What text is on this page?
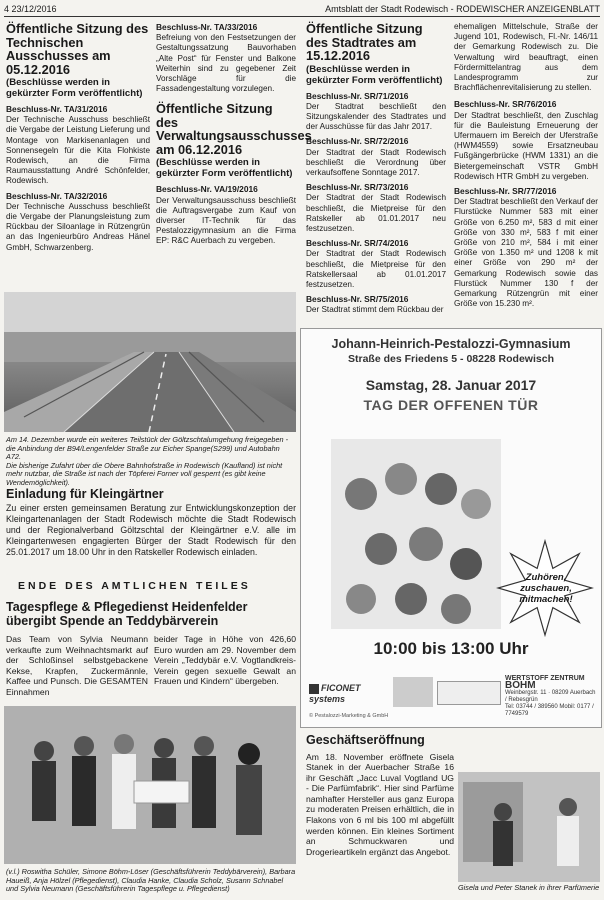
4 23/12/2016	Amtsblatt der Stadt Rodewisch - RODEWISCHER ANZEIGENBLATT
Öffentliche Sitzung des Technischen Ausschusses am 05.12.2016
(Beschlüsse werden in gekürzter Form veröffentlicht)
Beschluss-Nr. TA/31/2016

Der Technische Ausschuss beschließt die Vergabe der Leistung Lieferung und Montage von Markisenanlagen und Sonnensegeln für die Kita Flohkiste Rodewisch, an die Firma Raumausstattung André Schönfelder, Rodewisch.

Beschluss-Nr. TA/32/2016

Der Technische Ausschuss beschließt die Vergabe der Planungsleistung zum Rückbau der Siloanlage in Rützengrün an das Ingenieurbüro Andreas Hänel GmbH, Schwarzenberg.

Beschluss-Nr. TA/33/2016

Befreiung von den Festsetzungen der Gestaltungssatzung Bauvorhaben „Alte Post“ für Fenster und Balkone Weiterhin sind zu gegebener Zeit Vorschläge für die Fassadengestaltung vorzulegen.

Öffentliche Sitzung des Verwaltungsausschusses am 06.12.2016
(Beschlüsse werden in gekürzter Form veröffentlicht)
Beschluss-Nr. VA/19/2016

Der Verwaltungsausschuss beschließt die Auftragsvergabe zum Kauf von diverser IT-Technik für das Pestalozzigymnasium an die Firma EP: R&C Auerbach zu vergeben.

Öffentliche Sitzung des Stadtrates am 15.12.2016
(Beschlüsse werden in gekürzter Form veröffentlicht)
Beschluss-Nr. SR/71/2016

Der Stadtrat beschließt den Sitzungskalender des Stadtrates und der Ausschüsse für das Jahr 2017.

Beschluss-Nr. SR/72/2016

Der Stadtrat der Stadt Rodewisch beschließt die Verordnung über verkaufsoffene Sonntage 2017.

Beschluss-Nr. SR/73/2016

Der Stadtrat der Stadt Rodewisch beschließt, die Mietpreise für den Ratskeller ab 01.01.2017 neu festzusetzen.

Beschluss-Nr. SR/74/2016

Der Stadtrat der Stadt Rodewisch beschließt, die Mietpreise für den Ratskellersaal ab 01.01.2017 festzusetzen.

Beschluss-Nr. SR/75/2016

Der Stadtrat stimmt dem Rückbau der

ehemaligen Mittelschule, Straße der Jugend 101, Rodewisch, Fl.-Nr. 146/11 der Gemarkung Rodewisch zu. Die Verwaltung wird beauftragt, einen Fördermittelantrag aus dem Landesprogramm zur Brachflächenrevitalisierung zu stellen.

Beschluss-Nr. SR/76/2016

Der Stadtrat beschließt, den Zuschlag für die Bauleistung Erneuerung der Ufermauern im Bereich der Uferstraße (HWM4559) sowie Ersatzneubau Fußgängerbrücke (HWM 1331) an die Bietergemeinschaft VSTR GmbH Rodewisch HTR GmbH zu vergeben.

Beschluss-Nr. SR/77/2016

Der Stadtrat beschließt den Verkauf der Flurstücke Nummer 583 mit einer Größe von 6.250 m², 583 d mit einer Größe von 330 m², 583 f mit einer Größe von 210 m², 584 i mit einer Größe von 1.350 m² und 1208 k mit einer Größe von 290 m² der Gemarkung Rodewisch sowie das Flurstück Nummer 130 f der Gemarkung Rützengrün mit einer Größe von 15.230 m².

Am 14. Dezember wurde ein weiteres Teilstück der Göltzschtalumgehung freigegeben - die Anbindung der B94/Lengenfelder Straße zur Eicher Spange(S299) und Autobahn A72.
Die bisherige Zufahrt über die Obere Bahnhofstraße in Rodewisch (Kaufland) ist nicht mehr nutzbar, die Straße ist nach der Töpferei Forner voll gesperrt (es gibt keine Wendemöglichkeit).
Einladung für Kleingärtner

Zu einer ersten gemeinsamen Beratung zur Entwicklungskonzeption der Kleingartenanlagen der Stadt Rodewisch möchte die Stadt Rodewisch und der Regionalverband Göltzschtal der Kleingärtner e.V. alle im Kleingartenwesen engagierten Bürger der Stadt Rodewisch für den 25.01.2017 um 18.00 Uhr in den Ratskeller Rodewisch einladen.

ENDE DES AMTLICHEN TEILES
Tagespflege & Pflegedienst Heidenfelder übergibt Spende an Teddybärverein

Das Team von Sylvia Neumann verkaufte zum Weihnachtsmarkt auf der Schloßinsel selbstgebackene Kekse, Krapfen, Zuckermännle, Kaffee und Punsch. Die GESAMTEN Einnahmen

beider Tage in Höhe von 426,60 Euro wurden am 29. November dem Verein „Teddybär e.V. Vogtlandkreis-Verein gegen sexuelle Gewalt an Frauen und Kindern“ übergeben.

(v.l.) Roswitha Schüler, Simone Böhm-Löser (Geschäftsführerin Teddybärverein), Barbara Haueiß, Anja Hölzel (Pflegedienst), Claudia Hanke, Claudia Scholz, Susann Schnabel und Sylvia Neumann (Geschäftsführerin Tagespflege u. Pflegedienst)
Johann-Heinrich-Pestalozzi-Gymnasium
Straße des Friedens 5 - 08228 Rodewisch
Samstag, 28. Januar 2017
TAG DER OFFENEN TÜR
Zuhören, zuschauen, mitmachen!
10:00 bis 13:00 Uhr
FICONET systems
WERTSTOFF ZENTRUM BÖHM
Weinbergstr. 11 · 08209 Auerbach / Rebesgrün
Tel: 03744 / 389560 Mobil: 0177 / 7749579
© Pestalozzi-Marketing & GmbH
Geschäftseröffnung

Am 18. November eröffnete Gisela Stanek in der Auerbacher Straße 16 ihr Geschäft „Jacc Luval Vogtland UG - Die Parfümfabrik“. Hier sind Parfüme namhafter Hersteller aus ganz Europa zu moderaten Preisen erhältlich, die in Flakons von 6 ml bis 100 ml abgefüllt werden können. Ein kleines Sortiment an Schmuckwaren und Drogerieartikeln ergänzt das Angebot.

Gisela und Peter Stanek in ihrer Parfümerie
